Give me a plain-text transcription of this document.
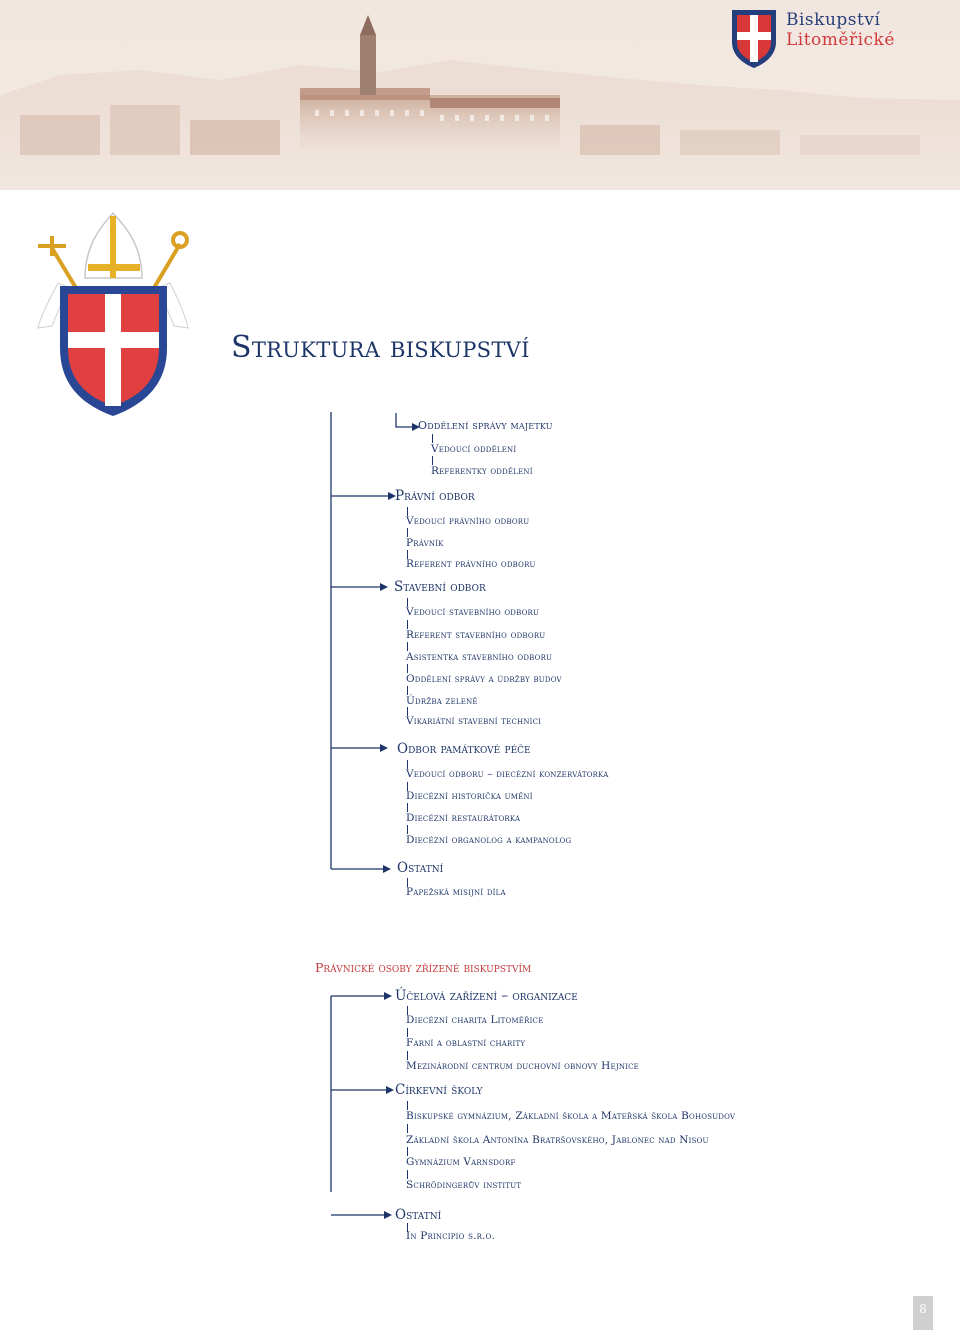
Biskupství
Litoměřické
Struktura biskupství
Oddělení správy majetku
Vedoucí oddělení
Referentky oddělení
Právní odbor
Vedoucí právního odboru
Právník
Referent právního odboru
Stavební odbor
Vedoucí stavebního odboru
Referent stavebního odboru
Asistentka stavebního odboru
Oddělení správy a údržby budov
Údržba zeleně
Vikariátní stavební technici
Odbor památkové péče
Vedoucí odboru – diecézní konzervátorka
Diecézní historička umění
Diecézní restaurátorka
Diecézní organolog a kampanolog
Ostatní
Papežská misijní díla
Právnické osoby zřízené biskupstvím
Účelová zařízení – organizace
Diecézní charita Litoměřice
Farní a oblastní charity
Mezinárodní centrum duchovní obnovy Hejnice
Církevní školy
Biskupské gymnázium, Základní škola a Mateřská škola Bohosudov
Základní škola Antonína Bratršovského, Jablonec nad Nisou
Gymnázium Varnsdorf
Schrödingerův institut
Ostatní
In Principio s.r.o.
8
